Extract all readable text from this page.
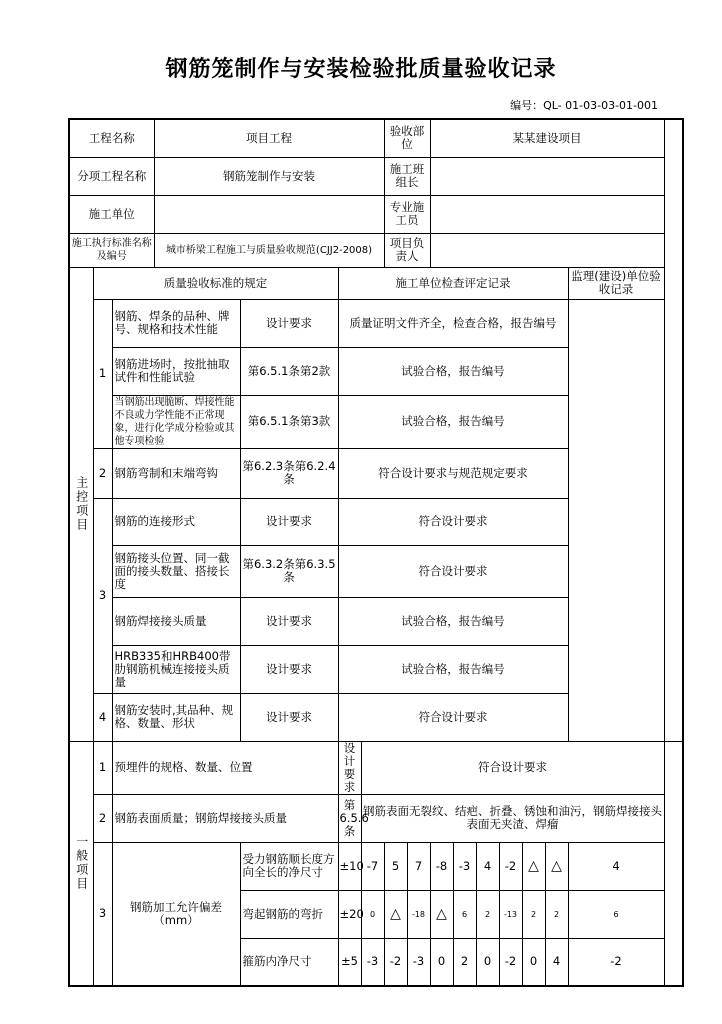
钢筋笼制作与安装检验批质量验收记录
编号：QL- 01-03-03-01-001
工程名称			项目工程				验收部位		某某建设项目							
分项工程名称			钢筋笼制作与安装				施工班组长									
施工单位							专业施工员									
施工执行标准名称及编号			城市桥梁工程施工与质量验收规范(CJJ2-2008)				项目负责人									
主控项目	质量验收标准的规定				施工单位检查评定记录										监理(建设)单位验收记录	
	1	钢筋、焊条的品种、牌号、规格和技术性能		设计要求	质量证明文件齐全，检查合格，报告编号											
		钢筋进场时，按批抽取试件和性能试验		第6.5.1条第2款	试验合格，报告编号											
		当钢筋出现脆断、焊接性能不良或力学性能不正常现象，进行化学成分检验或其他专项检验		第6.5.1条第3款	试验合格，报告编号											
	2	钢筋弯制和末端弯钩		第6.2.3条第6.2.4条	符合设计要求与规范规定要求											
	3	钢筋的连接形式		设计要求	符合设计要求											
		钢筋接头位置、同一截面的接头数量、搭接长度		第6.3.2条第6.3.5条	符合设计要求											
		钢筋焊接接头质量		设计要求	试验合格，报告编号											
		HRB335和HRB400带肋钢筋机械连接接头质量		设计要求	试验合格，报告编号											
	4	钢筋安装时,其品种、规格、数量、形状		设计要求	符合设计要求											
一般项目	1	预埋件的规格、数量、位置			设计要求	符合设计要求										
	2	钢筋表面质量；钢筋焊接接头质量			第6.5.6条	钢筋表面无裂纹、结疤、折叠、锈蚀和油污，钢筋焊接接头表面无夹渣、焊瘤										
	3	钢筋加工允许偏差（mm）		受力钢筋顺长度方向全长的净尺寸	±10	-7	5	7	-8	-3	4	-2	△	△	4	
				弯起钢筋的弯折	±20	0	△	-18	△	6	2	-13	2	2	6	
				箍筋内净尺寸	±5	-3	-2	-3	0	2	0	-2	0	4	-2	
